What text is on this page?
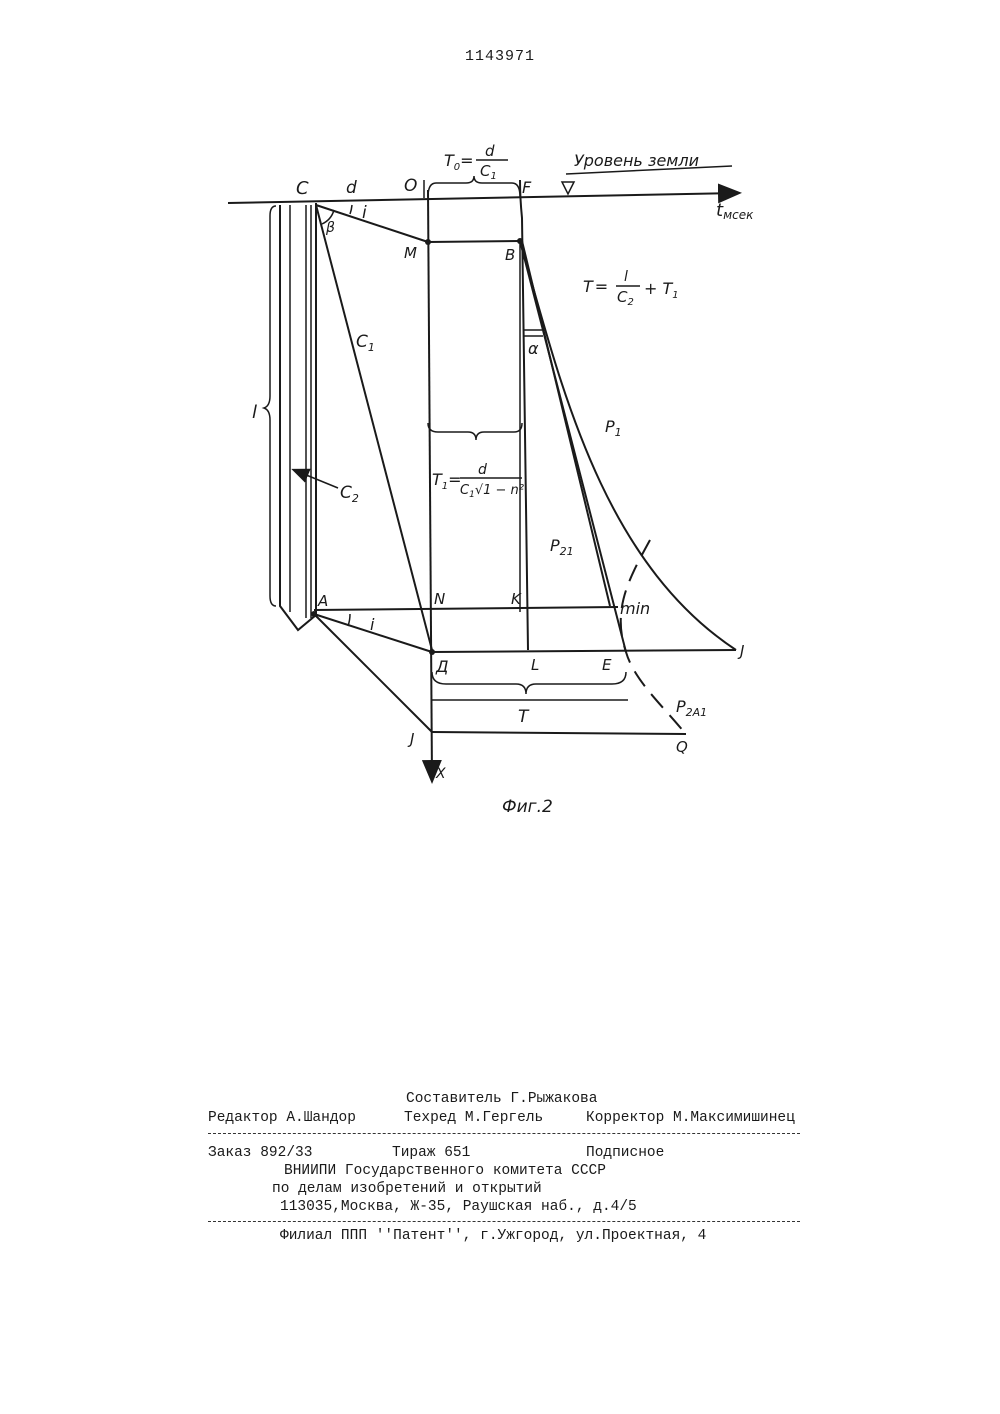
1143971
C d	O	F
i
β
M	B
α
l
$C_1$
$C_2$
$P_1$
$P_{21}$
$P_{2A1}$
A
i
N	K	min
Д	L	E
J
T
J	Q
X
tмсек
Уровень земли
$T_0= d$
$C_1$
T = l
$C_2$
+ $T_1$
$T_1= d$
$C_1√1 - n^2$
Фиг.2
Составитель Г.Рыжакова
Редактор А.Шандор	Техред М.Гергель	Корректор М.Максимишинец
Заказ 892/33	Тираж 651	Подписное
ВНИИПИ Государственного комитета СССР
по делам изобретений и открытий
113035,Москва, Ж-35, Раушская наб., д.4/5
Филиал ППП ''Патент'', г.Ужгород, ул.Проектная, 4
